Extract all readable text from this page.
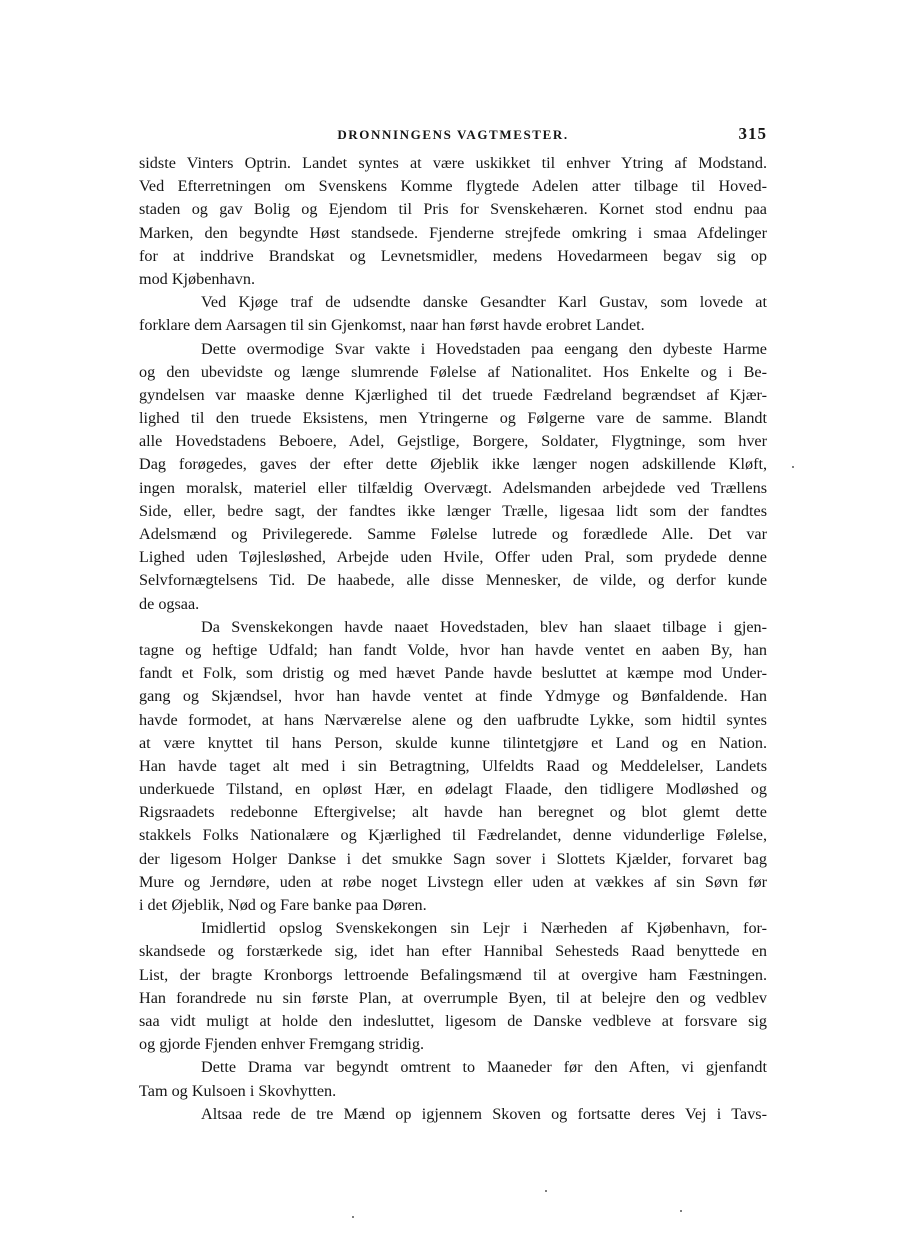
DRONNINGENS VAGTMESTER.	315
sidste Vinters Optrin. Landet syntes at være uskikket til enhver Ytring af Modstand.
Ved Efterretningen om Svenskens Komme flygtede Adelen atter tilbage til Hoved-
staden og gav Bolig og Ejendom til Pris for Svenskehæren. Kornet stod endnu paa
Marken, den begyndte Høst standsede. Fjenderne strejfede omkring i smaa Afdelinger
for at inddrive Brandskat og Levnetsmidler, medens Hovedarmeen begav sig op
mod Kjøbenhavn.
Ved Kjøge traf de udsendte danske Gesandter Karl Gustav, som lovede at
forklare dem Aarsagen til sin Gjenkomst, naar han først havde erobret Landet.
Dette overmodige Svar vakte i Hovedstaden paa eengang den dybeste Harme
og den ubevidste og længe slumrende Følelse af Nationalitet. Hos Enkelte og i Be-
gyndelsen var maaske denne Kjærlighed til det truede Fædreland begrændset af Kjær-
lighed til den truede Eksistens, men Ytringerne og Følgerne vare de samme. Blandt
alle Hovedstadens Beboere, Adel, Gejstlige, Borgere, Soldater, Flygtninge, som hver
Dag forøgedes, gaves der efter dette Øjeblik ikke længer nogen adskillende Kløft,
ingen moralsk, materiel eller tilfældig Overvægt. Adelsmanden arbejdede ved Trællens
Side, eller, bedre sagt, der fandtes ikke længer Trælle, ligesaa lidt som der fandtes
Adelsmænd og Privilegerede. Samme Følelse lutrede og forædlede Alle. Det var
Lighed uden Tøjlesløshed, Arbejde uden Hvile, Offer uden Pral, som prydede denne
Selvfornægtelsens Tid. De haabede, alle disse Mennesker, de vilde, og derfor kunde
de ogsaa.
Da Svenskekongen havde naaet Hovedstaden, blev han slaaet tilbage i gjen-
tagne og heftige Udfald; han fandt Volde, hvor han havde ventet en aaben By, han
fandt et Folk, som dristig og med hævet Pande havde besluttet at kæmpe mod Under-
gang og Skjændsel, hvor han havde ventet at finde Ydmyge og Bønfaldende. Han
havde formodet, at hans Nærværelse alene og den uafbrudte Lykke, som hidtil syntes
at være knyttet til hans Person, skulde kunne tilintetgjøre et Land og en Nation.
Han havde taget alt med i sin Betragtning, Ulfeldts Raad og Meddelelser, Landets
underkuede Tilstand, en opløst Hær, en ødelagt Flaade, den tidligere Modløshed og
Rigsraadets redebonne Eftergivelse; alt havde han beregnet og blot glemt dette
stakkels Folks Nationalære og Kjærlighed til Fædrelandet, denne vidunderlige Følelse,
der ligesom Holger Dankse i det smukke Sagn sover i Slottets Kjælder, forvaret bag
Mure og Jerndøre, uden at røbe noget Livstegn eller uden at vækkes af sin Søvn før
i det Øjeblik, Nød og Fare banke paa Døren.
Imidlertid opslog Svenskekongen sin Lejr i Nærheden af Kjøbenhavn, for-
skandsede og forstærkede sig, idet han efter Hannibal Sehesteds Raad benyttede en
List, der bragte Kronborgs lettroende Befalingsmænd til at overgive ham Fæstningen.
Han forandrede nu sin første Plan, at overrumple Byen, til at belejre den og vedblev
saa vidt muligt at holde den indesluttet, ligesom de Danske vedbleve at forsvare sig
og gjorde Fjenden enhver Fremgang stridig.
Dette Drama var begyndt omtrent to Maaneder før den Aften, vi gjenfandt
Tam og Kulsoen i Skovhytten.
Altsaa rede de tre Mænd op igjennem Skoven og fortsatte deres Vej i Tavs-
